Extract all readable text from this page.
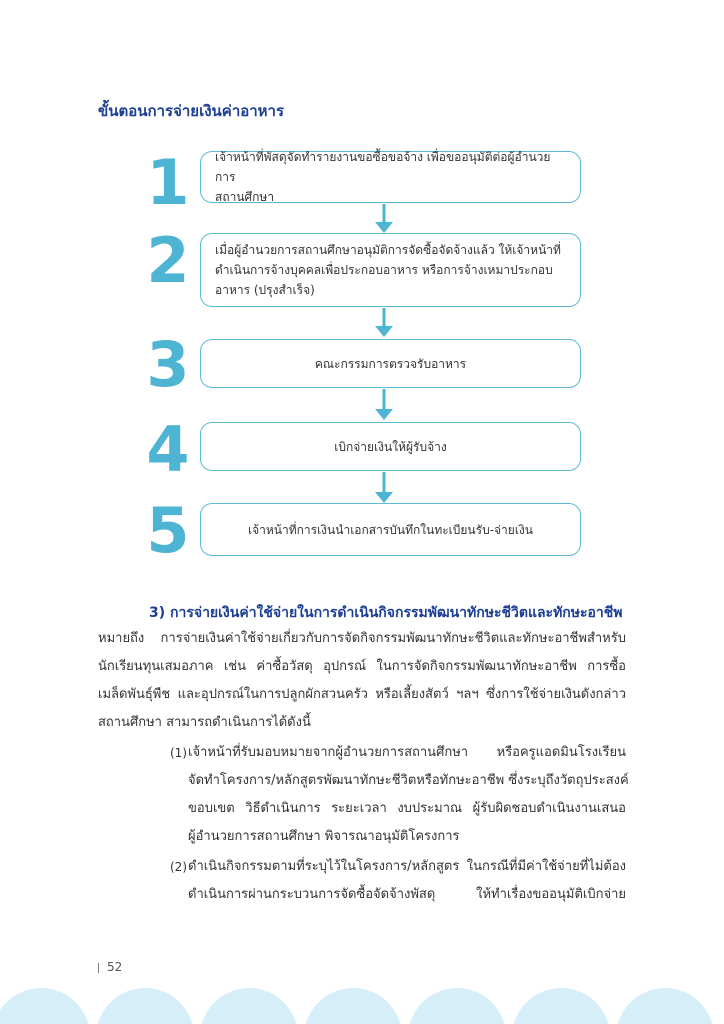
ขั้นตอนการจ่ายเงินค่าอาหาร
1	เจ้าหน้าที่พัสดุจัดทำรายงานขอซื้อขอจ้าง เพื่อขออนุมัติต่อผู้อำนวยการ
สถานศึกษา
2	เมื่อผู้อำนวยการสถานศึกษาอนุมัติการจัดซื้อจัดจ้างแล้ว ให้เจ้าหน้าที่
ดำเนินการจ้างบุคคลเพื่อประกอบอาหาร หรือการจ้างเหมาประกอบ
อาหาร (ปรุงสำเร็จ)
3	คณะกรรมการตรวจรับอาหาร
4	เบิกจ่ายเงินให้ผู้รับจ้าง
5	เจ้าหน้าที่การเงินนำเอกสารบันทึกในทะเบียนรับ-จ่ายเงิน
3) การจ่ายเงินค่าใช้จ่ายในการดำเนินกิจกรรมพัฒนาทักษะชีวิตและทักษะอาชีพ
หมายถึง การจ่ายเงินค่าใช้จ่ายเกี่ยวกับการจัดกิจกรรมพัฒนาทักษะชีวิตและทักษะอาชีพสำหรับ
นักเรียนทุนเสมอภาค เช่น ค่าซื้อวัสดุ อุปกรณ์ ในการจัดกิจกรรมพัฒนาทักษะอาชีพ การซื้อ
เมล็ดพันธุ์พืช และอุปกรณ์ในการปลูกผักสวนครัว หรือเลี้ยงสัตว์ ฯลฯ ซึ่งการใช้จ่ายเงินดังกล่าว
สถานศึกษา สามารถดำเนินการได้ดังนี้
(1) เจ้าหน้าที่รับมอบหมายจากผู้อำนวยการสถานศึกษา หรือครูแอดมินโรงเรียน
จัดทำโครงการ/หลักสูตรพัฒนาทักษะชีวิตหรือทักษะอาชีพ ซึ่งระบุถึงวัตถุประสงค์
ขอบเขต วิธีดำเนินการ ระยะเวลา งบประมาณ ผู้รับผิดชอบดำเนินงานเสนอ
ผู้อำนวยการสถานศึกษา พิจารณาอนุมัติโครงการ
(2) ดำเนินกิจกรรมตามที่ระบุไว้ในโครงการ/หลักสูตร ในกรณีที่มีค่าใช้จ่ายที่ไม่ต้อง
ดำเนินการผ่านกระบวนการจัดซื้อจัดจ้างพัสดุ ให้ทำเรื่องขออนุมัติเบิกจ่าย
52
